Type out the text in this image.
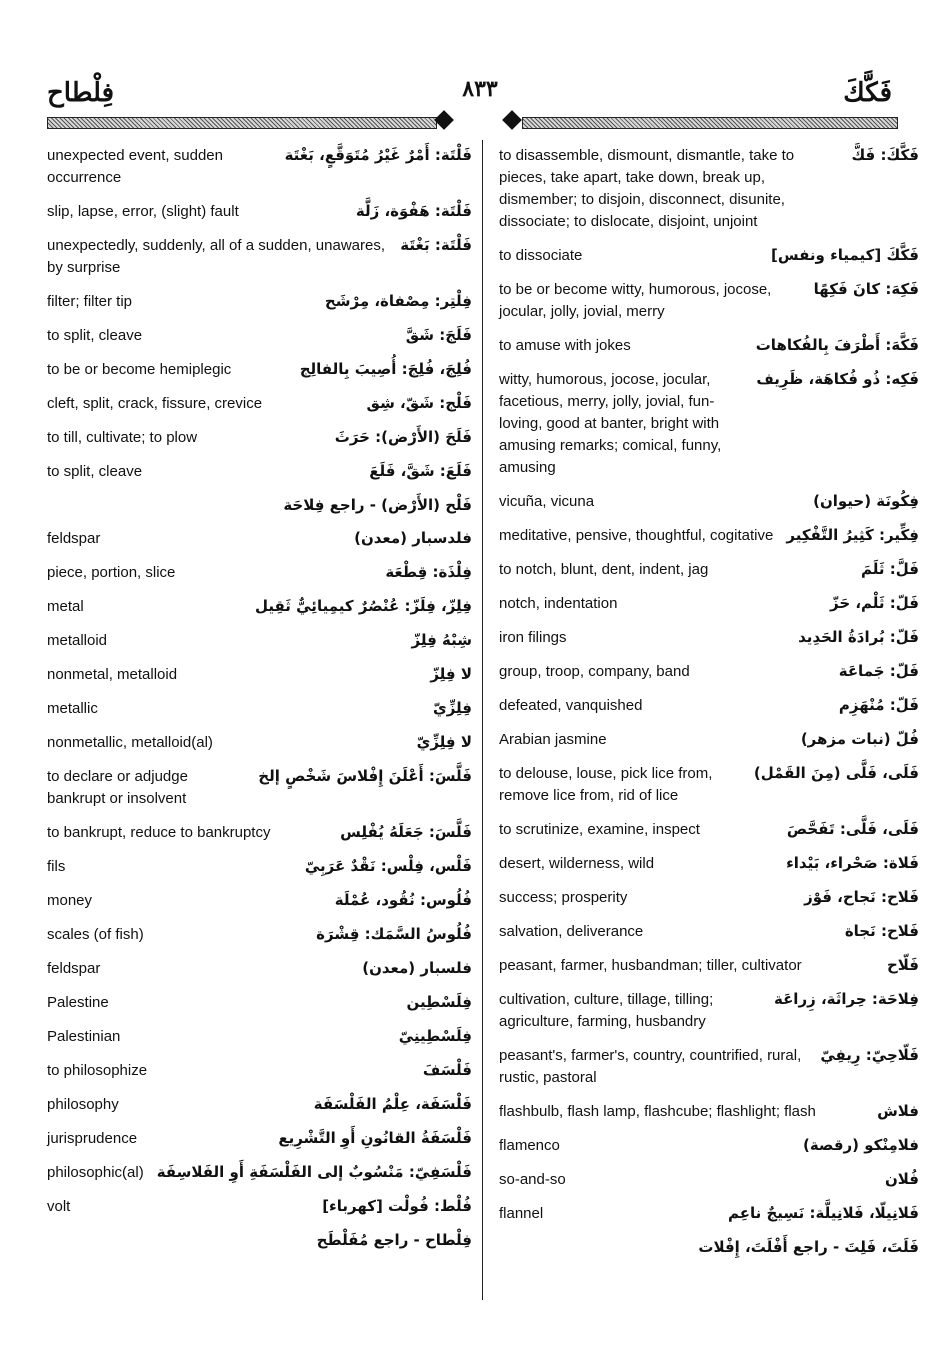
فِلْطاح	٨٣٣	فَكَّكَ
فَلْتَة: أَمْرٌ غَيْرُ مُتَوَقَّعٍ، بَغْتَة
unexpected event, sudden occurrence
فَلْتَة: هَفْوَة، زَلَّة
slip, lapse, error, (slight) fault
فَلْتَة: بَغْتَة
unexpectedly, suddenly, all of a sudden, unawares, by surprise
فِلْتِر: مِصْفاة، مِرْشَح
filter; filter tip
فَلَجَ: شَقَّ
to split, cleave
فُلِجَ، فُلِجَ: أُصِيبَ بِالفالِج
to be or become hemiplegic
فَلْج: شَقّ، شِق
cleft, split, crack, fissure, crevice
فَلَحَ (الأَرْض): حَرَثَ
to till, cultivate; to plow
فَلَعَ: شَقَّ، فَلَعَ
to split, cleave
فَلْح (الأَرْض) - راجع فِلاحَة
فلدسبار (معدن)
feldspar
فِلْذَة: قِطْعَة
piece, portion, slice
فِلِزّ، فِلَزّ: عُنْصُرٌ كيمِيائِيٌّ ثَقِيل
metal
شِبْهُ فِلِزّ
metalloid
لا فِلِزّ
nonmetal, metalloid
فِلِزِّيّ
metallic
لا فِلِزِّيّ
nonmetallic, metalloid(al)
فَلَّسَ: أَعْلَنَ إِفْلاسَ شَخْصٍ إلخ
to declare or adjudge bankrupt or insolvent
فَلَّسَ: جَعَلَهُ يُفْلِس
to bankrupt, reduce to bankruptcy
فَلْس، فِلْس: نَقْدٌ عَرَبِيّ
fils
فُلُوس: نُقُود، عُمْلَة
money
فُلُوسُ السَّمَك: قِشْرَة
scales (of fish)
فلسبار (معدن)
feldspar
فِلَسْطِين
Palestine
فِلَسْطِينِيّ
Palestinian
فَلْسَفَ
to philosophize
فَلْسَفَة، عِلْمُ الفَلْسَفَة
philosophy
فَلْسَفَةُ القانُونِ أَوِ التَّشْرِيع
jurisprudence
فَلْسَفِيّ: مَنْسُوبٌ إلى الفَلْسَفَةِ أَوِ الفَلاسِفَة
philosophic(al)
فُلْط: فُولْت [كهرباء]
volt
فِلْطاح - راجع مُفَلْطَح
فَكَّكَ: فَكَّ
to disassemble, dismount, dismantle, take to pieces, take apart, take down, break up, dismember; to disjoin, disconnect, disunite, dissociate; to dislocate, disjoint, unjoint
فَكَّكَ [كيمياء ونفس]
to dissociate
فَكِهَ: كانَ فَكِهًا
to be or become witty, humorous, jocose, jocular, jolly, jovial, merry
فَكَّهَ: أَطْرَفَ بِالفُكاهات
to amuse with jokes
فَكِه: ذُو فُكاهَة، ظَرِيف
witty, humorous, jocose, jocular, facetious, merry, jolly, jovial, fun-loving, good at banter, bright with amusing remarks; comical, funny, amusing
فِكُونَة (حيوان)
vicuña, vicuna
فِكِّير: كَثِيرُ التَّفْكِير
meditative, pensive, thoughtful, cogitative
فَلَّ: ثَلَمَ
to notch, blunt, dent, indent, jag
فَلّ: ثَلْم، حَزّ
notch, indentation
فَلّ: بُرادَةُ الحَدِيد
iron filings
فَلّ: جَماعَة
group, troop, company, band
فَلّ: مُنْهَزِم
defeated, vanquished
فُلّ (نبات مزهر)
Arabian jasmine
فَلَى، فَلَّى (مِنَ القَمْل)
to delouse, louse, pick lice from, remove lice from, rid of lice
فَلَى، فَلَّى: تَفَحَّصَ
to scrutinize, examine, inspect
فَلاة: صَحْراء، بَيْداء
desert, wilderness, wild
فَلاح: نَجاح، فَوْز
success; prosperity
فَلاح: نَجاة
salvation, deliverance
فَلّاح
peasant, farmer, husbandman; tiller, cultivator
فِلاحَة: حِراثَة، زِراعَة
cultivation, culture, tillage, tilling; agriculture, farming, husbandry
فَلّاحِيّ: رِيفِيّ
peasant's, farmer's, country, countrified, rural, rustic, pastoral
فلاش
flashbulb, flash lamp, flashcube; flashlight; flash
فلامِنْكو (رقصة)
flamenco
فُلان
so-and-so
فَلانِيلّا، فَلانِيلَّة: نَسِيجٌ ناعِم
flannel
فَلَتَ، فَلِتَ - راجع أَفْلَتَ، إِفْلات
